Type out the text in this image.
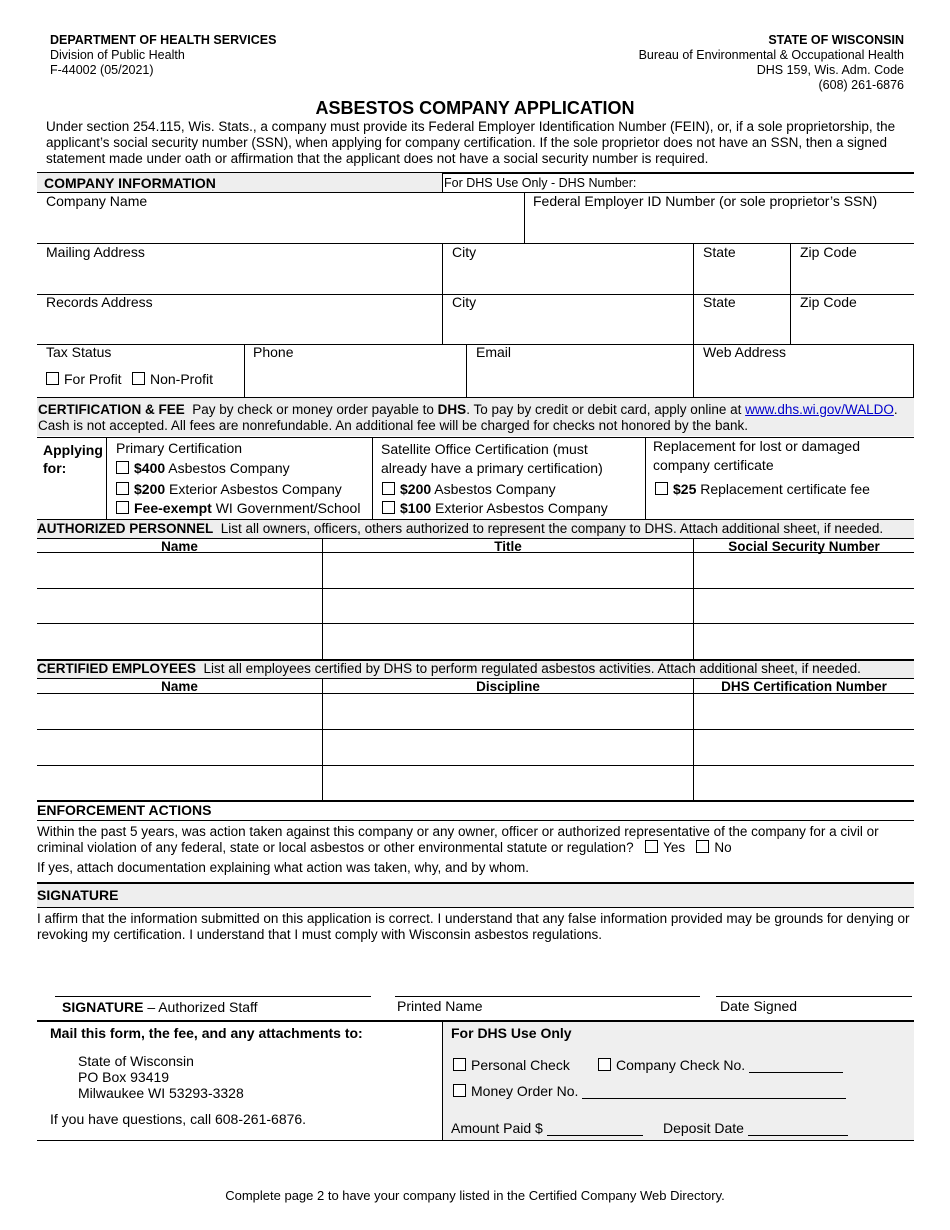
DEPARTMENT OF HEALTH SERVICES
Division of Public Health
F-44002 (05/2021)
STATE OF WISCONSIN
Bureau of Environmental & Occupational Health
DHS 159, Wis. Adm. Code
(608) 261-6876
ASBESTOS COMPANY APPLICATION
Under section 254.115, Wis. Stats., a company must provide its Federal Employer Identification Number (FEIN), or, if a sole proprietorship, the applicant’s social security number (SSN), when applying for company certification. If the sole proprietor does not have an SSN, then a signed statement made under oath or affirmation that the applicant does not have a social security number is required.
COMPANY INFORMATION	For DHS Use Only - DHS Number:
Company Name	Federal Employer ID Number (or sole proprietor’s SSN)
Mailing Address	City	State	Zip Code
Records Address	City	State	Zip Code
Tax Status
For Profit	Non-Profit
Phone	Email	Web Address
CERTIFICATION & FEE Pay by check or money order payable to DHS. To pay by credit or debit card, apply online at www.dhs.wi.gov/WALDO.
Cash is not accepted. All fees are nonrefundable. An additional fee will be charged for checks not honored by the bank.
Applying for:
Primary Certification
$400 Asbestos Company
$200 Exterior Asbestos Company
Fee-exempt WI Government/School
Satellite Office Certification (must already have a primary certification)
$200 Asbestos Company
$100 Exterior Asbestos Company
Replacement for lost or damaged company certificate
$25 Replacement certificate fee
AUTHORIZED PERSONNEL List all owners, officers, others authorized to represent the company to DHS. Attach additional sheet, if needed.
Name	Title	Social Security Number
CERTIFIED EMPLOYEES List all employees certified by DHS to perform regulated asbestos activities. Attach additional sheet, if needed.
Name	Discipline	DHS Certification Number
ENFORCEMENT ACTIONS
Within the past 5 years, was action taken against this company or any owner, officer or authorized representative of the company for a civil or criminal violation of any federal, state or local asbestos or other environmental statute or regulation? Yes No
If yes, attach documentation explaining what action was taken, why, and by whom.
SIGNATURE
I affirm that the information submitted on this application is correct. I understand that any false information provided may be grounds for denying or revoking my certification. I understand that I must comply with Wisconsin asbestos regulations.
SIGNATURE – Authorized Staff	Printed Name	Date Signed
Mail this form, the fee, and any attachments to:
State of Wisconsin
PO Box 93419
Milwaukee WI 53293-3328
If you have questions, call 608-261-6876.
For DHS Use Only
Personal Check	Company Check No.
Money Order No.
Amount Paid $	Deposit Date
Complete page 2 to have your company listed in the Certified Company Web Directory.
